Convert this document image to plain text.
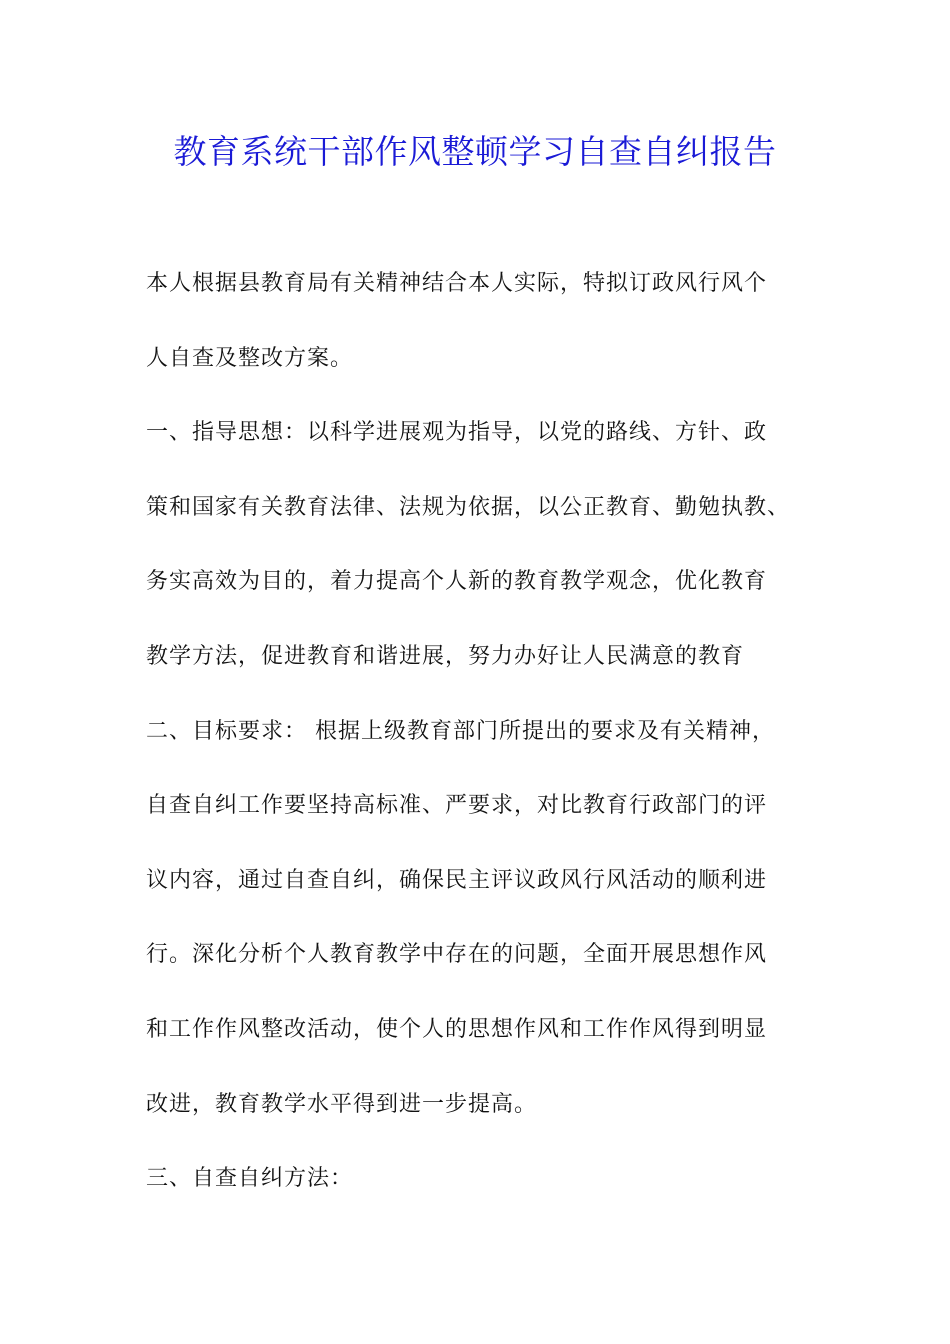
教育系统干部作风整顿学习自查自纠报告
本人根据县教育局有关精神结合本人实际，特拟订政风行风个
人自查及整改方案。
一、指导思想：以科学进展观为指导，以党的路线、方针、政
策和国家有关教育法律、法规为依据，以公正教育、勤勉执教、
务实高效为目的，着力提高个人新的教育教学观念，优化教育
教学方法，促进教育和谐进展，努力办好让人民满意的教育
二、目标要求： 根据上级教育部门所提出的要求及有关精神，
自查自纠工作要坚持高标准、严要求，对比教育行政部门的评
议内容，通过自查自纠，确保民主评议政风行风活动的顺利进
行。深化分析个人教育教学中存在的问题，全面开展思想作风
和工作作风整改活动，使个人的思想作风和工作作风得到明显
改进，教育教学水平得到进一步提高。
三、自查自纠方法：
